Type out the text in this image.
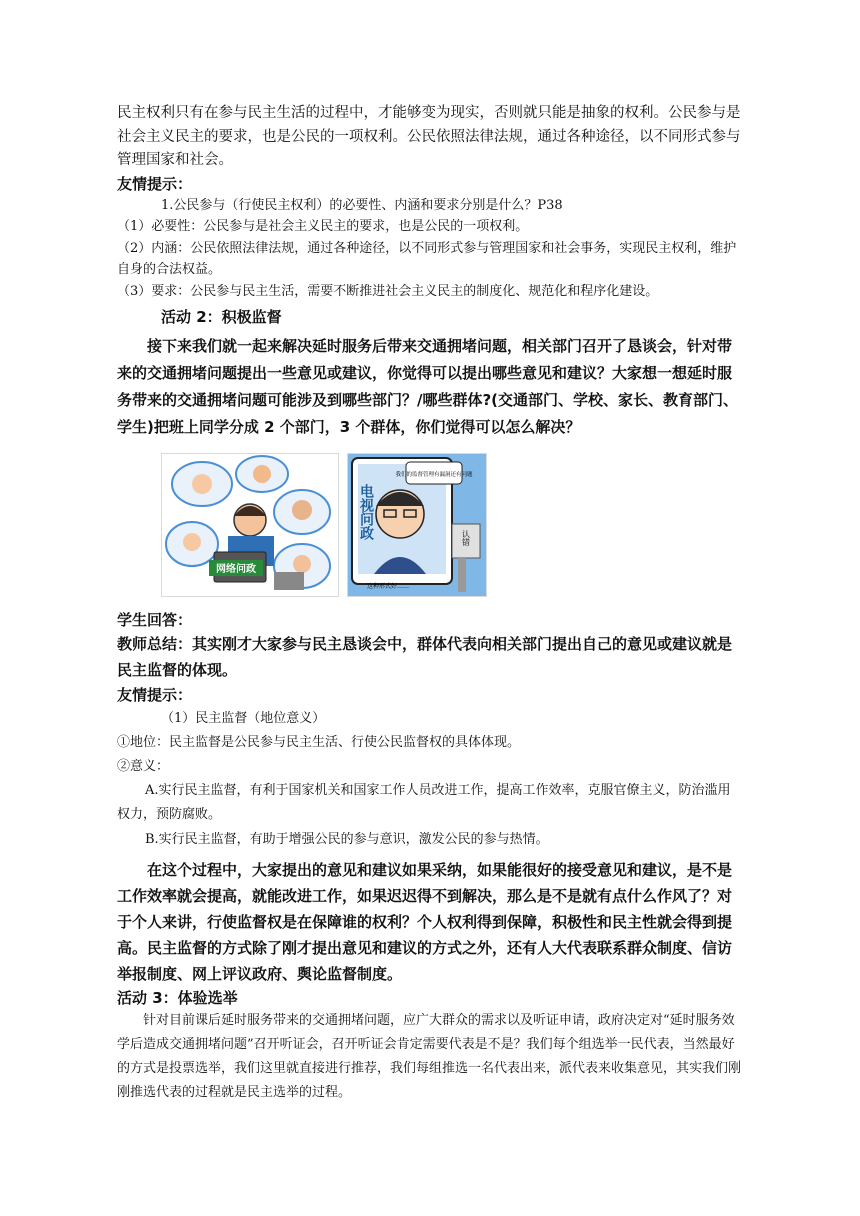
民主权利只有在参与民主生活的过程中，才能够变为现实，否则就只能是抽象的权利。公民参与是社会主义民主的要求，也是公民的一项权利。公民依照法律法规，通过各种途径，以不同形式参与管理国家和社会。

友情提示：

1.公民参与（行使民主权利）的必要性、内涵和要求分别是什么？P38

（1）必要性：公民参与是社会主义民主的要求，也是公民的一项权利。

（2）内涵：公民依照法律法规，通过各种途径，以不同形式参与管理国家和社会事务，实现民主权利，维护自身的合法权益。

（3）要求：公民参与民主生活，需要不断推进社会主义民主的制度化、规范化和程序化建设。

活动 2：积极监督

接下来我们就一起来解决延时服务后带来交通拥堵问题，相关部门召开了恳谈会，针对带来的交通拥堵问题提出一些意见或建议，你觉得可以提出哪些意见和建议？大家想一想延时服务带来的交通拥堵问题可能涉及到哪些部门？/哪些群体?(交通部门、学校、家长、教育部门、学生)把班上同学分成 2 个部门，3 个群体，你们觉得可以怎么解决？

网络问政
我们的监督管理有漏洞还有问题
电视问政	认错
这种形式好……

学生回答：

教师总结：其实刚才大家参与民主恳谈会中，群体代表向相关部门提出自己的意见或建议就是民主监督的体现。

友情提示：

（1）民主监督（地位意义）

①地位：民主监督是公民参与民主生活、行使公民监督权的具体体现。

②意义：

A.实行民主监督，有利于国家机关和国家工作人员改进工作，提高工作效率，克服官僚主义，防治滥用权力，预防腐败。

B.实行民主监督，有助于增强公民的参与意识，激发公民的参与热情。

在这个过程中，大家提出的意见和建议如果采纳，如果能很好的接受意见和建议，是不是工作效率就会提高，就能改进工作，如果迟迟得不到解决，那么是不是就有点什么作风了？对于个人来讲，行使监督权是在保障谁的权利？个人权利得到保障，积极性和民主性就会得到提高。民主监督的方式除了刚才提出意见和建议的方式之外，还有人大代表联系群众制度、信访举报制度、网上评议政府、舆论监督制度。

活动 3：体验选举

针对目前课后延时服务带来的交通拥堵问题，应广大群众的需求以及听证申请，政府决定对“延时服务效学后造成交通拥堵问题”召开听证会，召开听证会肯定需要代表是不是？我们每个组选举一民代表，当然最好的方式是投票选举，我们这里就直接进行推荐，我们每组推选一名代表出来，派代表来收集意见，其实我们刚刚推选代表的过程就是民主选举的过程。
